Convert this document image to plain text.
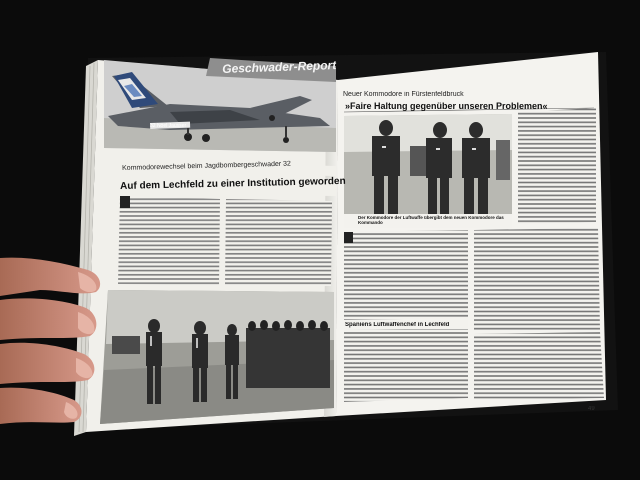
Geschwader-Report
32 Nöel Jausser
Kommodorewechsel beim Jagdbombergeschwader 32
Auf dem Lechfeld zu einer Institution geworden
Neuer Kommodore in Fürstenfeldbruck
»Faire Haltung gegenüber unseren Problemen«
Der Kommodore der Luftwaffe übergibt dem neuen Kommodore das Kommando
Spaniens Luftwaffenchef in Lechfeld
49
